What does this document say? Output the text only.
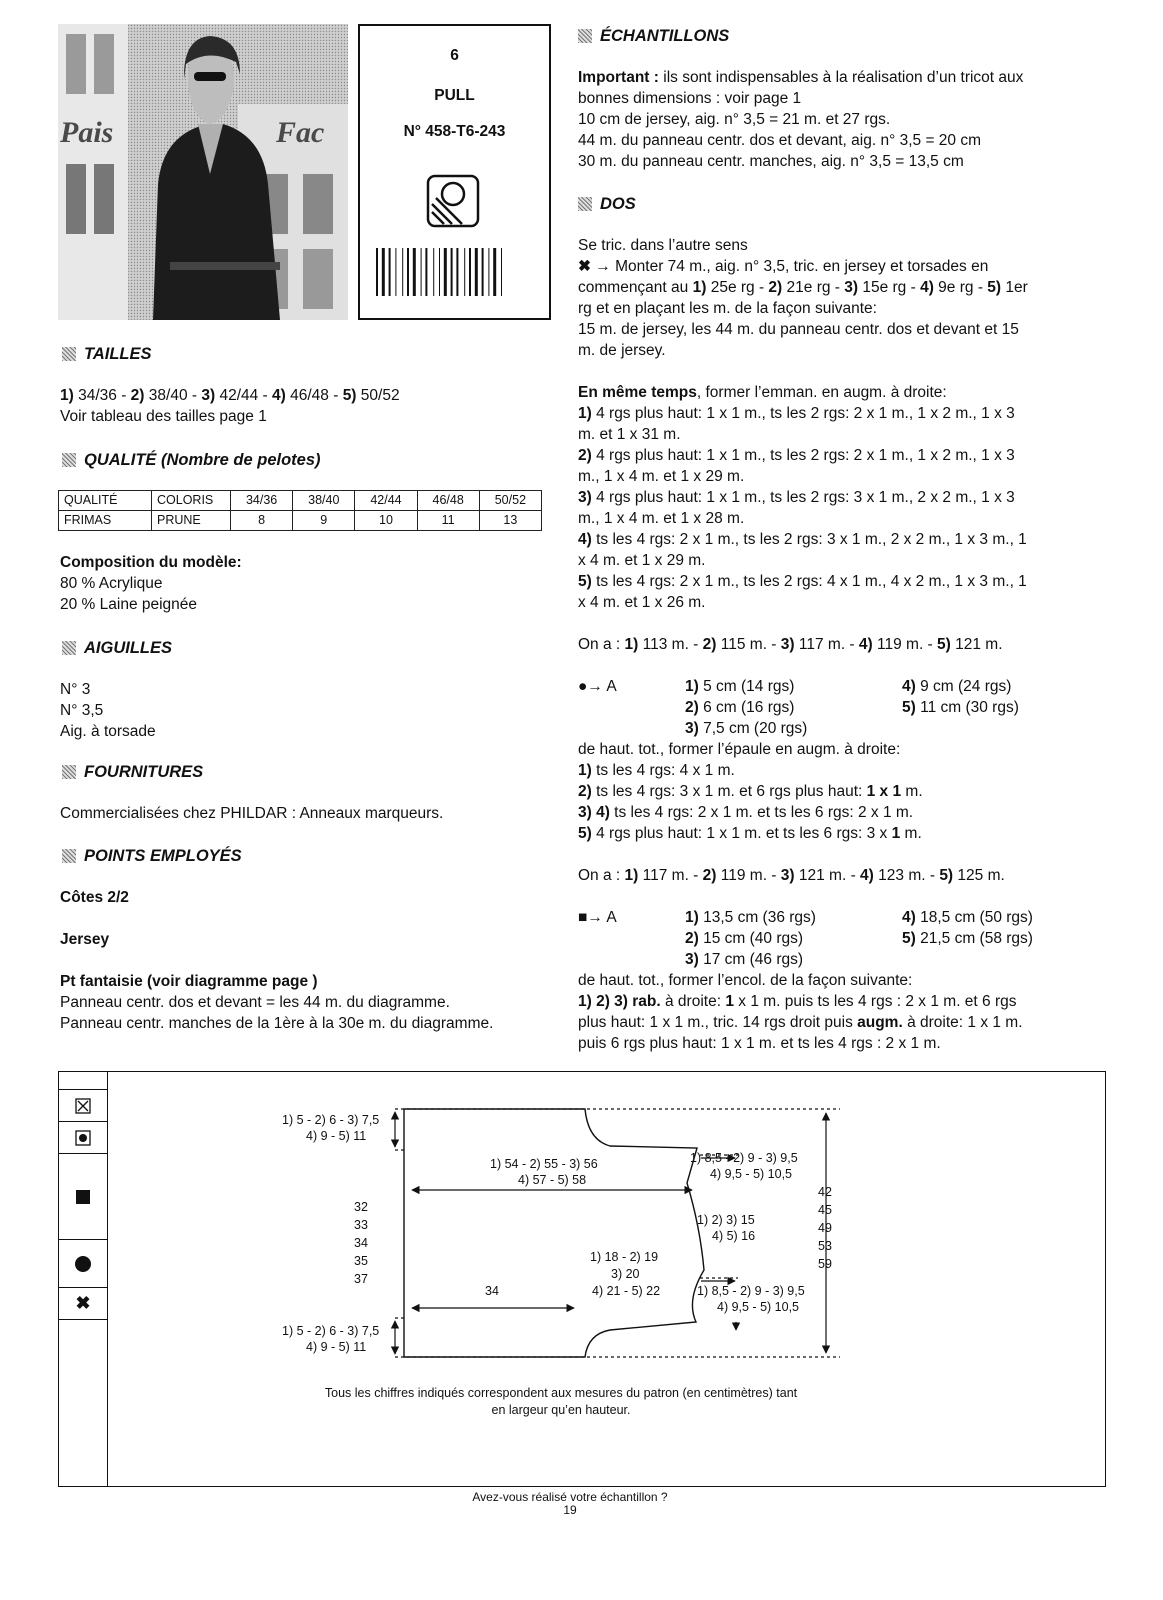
Pais	Fac
6
PULL
N° 458-T6-243
TAILLES
1) 34/36 - 2) 38/40 - 3) 42/44 - 4) 46/48 - 5) 50/52
Voir tableau des tailles page 1
QUALITÉ (Nombre de pelotes)
QUALITÉ	COLORIS	34/36	38/40	42/44	46/48	50/52
FRIMAS	PRUNE	8	9	10	11	13
Composition du modèle:
80 % Acrylique
20 % Laine peignée
AIGUILLES
N° 3
N° 3,5
Aig. à torsade
FOURNITURES
Commercialisées chez PHILDAR : Anneaux marqueurs.
POINTS EMPLOYÉS
Côtes 2/2
Jersey
Pt fantaisie (voir diagramme page )
Panneau centr. dos et devant = les 44 m. du diagramme.
Panneau centr. manches de la 1ère à la 30e m. du diagramme.
ÉCHANTILLONS
Important : ils sont indispensables à la réalisation d’un tricot aux
bonnes dimensions : voir page 1
10 cm de jersey, aig. n° 3,5 = 21 m. et 27 rgs.
44 m. du panneau centr. dos et devant, aig. n° 3,5 = 20 cm
30 m. du panneau centr. manches, aig. n° 3,5 = 13,5 cm
DOS
Se tric. dans l’autre sens
✖ → Monter 74 m., aig. n° 3,5, tric. en jersey et torsades en
commençant au 1) 25e rg - 2) 21e rg - 3) 15e rg - 4) 9e rg - 5) 1er
rg et en plaçant les m. de la façon suivante:
15 m. de jersey, les 44 m. du panneau centr. dos et devant et 15
m. de jersey.
En même temps, former l’emman. en augm. à droite:
1) 4 rgs plus haut: 1 x 1 m., ts les 2 rgs: 2 x 1 m., 1 x 2 m., 1 x 3
m. et 1 x 31 m.
2) 4 rgs plus haut: 1 x 1 m., ts les 2 rgs: 2 x 1 m., 1 x 2 m., 1 x 3
m., 1 x 4 m. et 1 x 29 m.
3) 4 rgs plus haut: 1 x 1 m., ts les 2 rgs: 3 x 1 m., 2 x 2 m., 1 x 3
m., 1 x 4 m. et 1 x 28 m.
4) ts les 4 rgs: 2 x 1 m., ts les 2 rgs: 3 x 1 m., 2 x 2 m., 1 x 3 m., 1
x 4 m. et 1 x 29 m.
5) ts les 4 rgs: 2 x 1 m., ts les 2 rgs: 4 x 1 m., 4 x 2 m., 1 x 3 m., 1
x 4 m. et 1 x 26 m.
On a : 1) 113 m. - 2) 115 m. - 3) 117 m. - 4) 119 m. - 5) 121 m.
●→ A	1) 5 cm (14 rgs)
2) 6 cm (16 rgs)
3) 7,5 cm (20 rgs)
4) 9 cm (24 rgs)
5) 11 cm (30 rgs)
de haut. tot., former l’épaule en augm. à droite:
1) ts les 4 rgs: 4 x 1 m.
2) ts les 4 rgs: 3 x 1 m. et 6 rgs plus haut: 1 x 1 m.
3) 4) ts les 4 rgs: 2 x 1 m. et ts les 6 rgs: 2 x 1 m.
5) 4 rgs plus haut: 1 x 1 m. et ts les 6 rgs: 3 x 1 m.
On a : 1) 117 m. - 2) 119 m. - 3) 121 m. - 4) 123 m. - 5) 125 m.
■→ A	1) 13,5 cm (36 rgs)
2) 15 cm (40 rgs)
3) 17 cm (46 rgs)
4) 18,5 cm (50 rgs)
5) 21,5 cm (58 rgs)
de haut. tot., former l’encol. de la façon suivante:
1) 2) 3) rab. à droite: 1 x 1 m. puis ts les 4 rgs : 2 x 1 m. et 6 rgs
plus haut: 1 x 1 m., tric. 14 rgs droit puis augm. à droite: 1 x 1 m.
puis 6 rgs plus haut: 1 x 1 m. et ts les 4 rgs : 2 x 1 m.
✖
1) 5 - 2) 6 - 3) 7,5
4) 9 - 5) 11
1) 54 - 2) 55 - 3) 56
4) 57 - 5) 58
1) 8,5 - 2) 9 - 3) 9,5
4) 9,5 - 5) 10,5
32
33
34
35
37
42
45
49
53
59
1) 2) 3) 15
4) 5) 16
1) 18 - 2) 19
3) 20
4) 21 - 5) 22
34	1) 8,5 - 2) 9 - 3) 9,5
4) 9,5 - 5) 10,5
1) 5 - 2) 6 - 3) 7,5
4) 9 - 5) 11
Tous les chiffres indiqués correspondent aux mesures du patron (en centimètres) tant
en largeur qu’en hauteur.
Avez-vous réalisé votre échantillon ?
19
